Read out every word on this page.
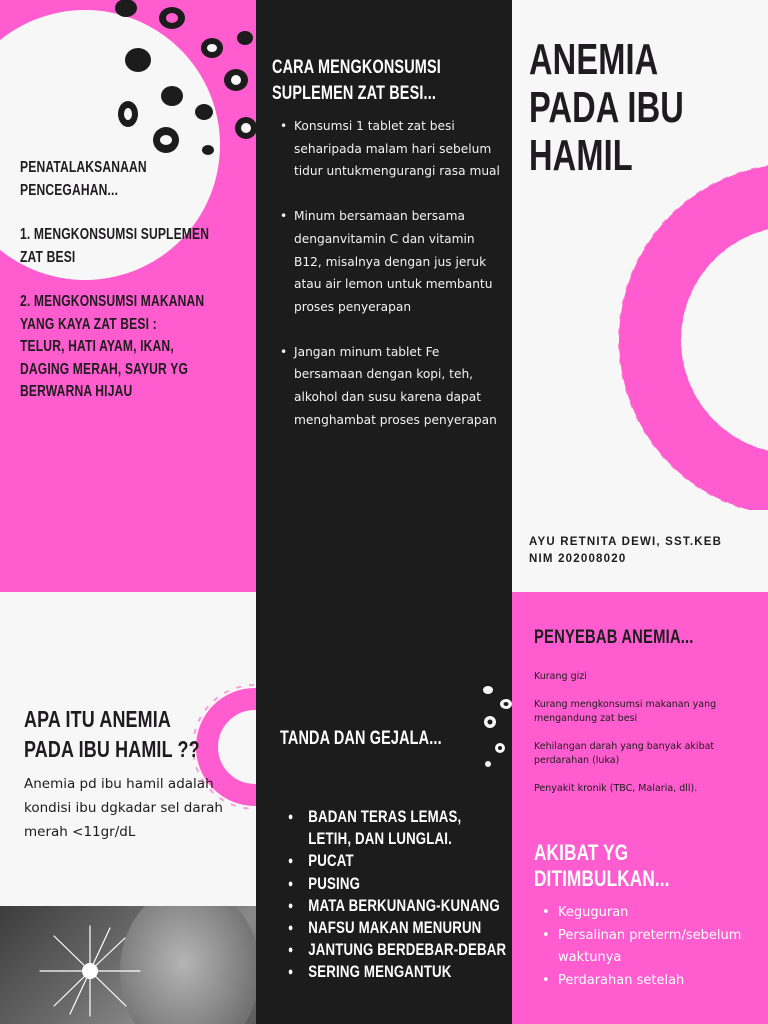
PENATALAKSANAAN
PENCEGAHAN...
1. MENGKONSUMSI SUPLEMEN
ZAT BESI
2. MENGKONSUMSI MAKANAN
YANG KAYA ZAT BESI :
TELUR, HATI AYAM, IKAN,
DAGING MERAH, SAYUR YG
BERWARNA HIJAU
CARA MENGKONSUMSI
SUPLEMEN ZAT BESI...
• Konsumsi 1 tablet zat besi seharipada malam hari sebelum tidur untukmengurangi rasa mual
• Minum bersamaan bersama denganvitamin C dan vitamin B12, misalnya dengan jus jeruk atau air lemon untuk membantu proses penyerapan
• Jangan minum tablet Fe bersamaan dengan kopi, teh, alkohol dan susu karena dapat menghambat proses penyerapan
TANDA DAN GEJALA...
● BADAN TERAS LEMAS, LETIH, DAN LUNGLAI.
● PUCAT
● PUSING
● MATA BERKUNANG-KUNANG
● NAFSU MAKAN MENURUN
● JANTUNG BERDEBAR-DEBAR
● SERING MENGANTUK
ANEMIA
PADA IBU
HAMIL
AYU RETNITA DEWI, SST.KEB
NIM 202008020
APA ITU ANEMIA
PADA IBU HAMIL ??
Anemia pd ibu hamil adalah kondisi ibu dgkadar sel darah merah <11gr/dL
PENYEBAB ANEMIA...
Kurang gizi
Kurang mengkonsumsi makanan yang mengandung zat besi
Kehilangan darah yang banyak akibat perdarahan (luka)
Penyakit kronik (TBC, Malaria, dll).
AKIBAT YG
DITIMBULKAN...
• Keguguran
• Persalinan preterm/sebelum waktunya
• Perdarahan setelah
